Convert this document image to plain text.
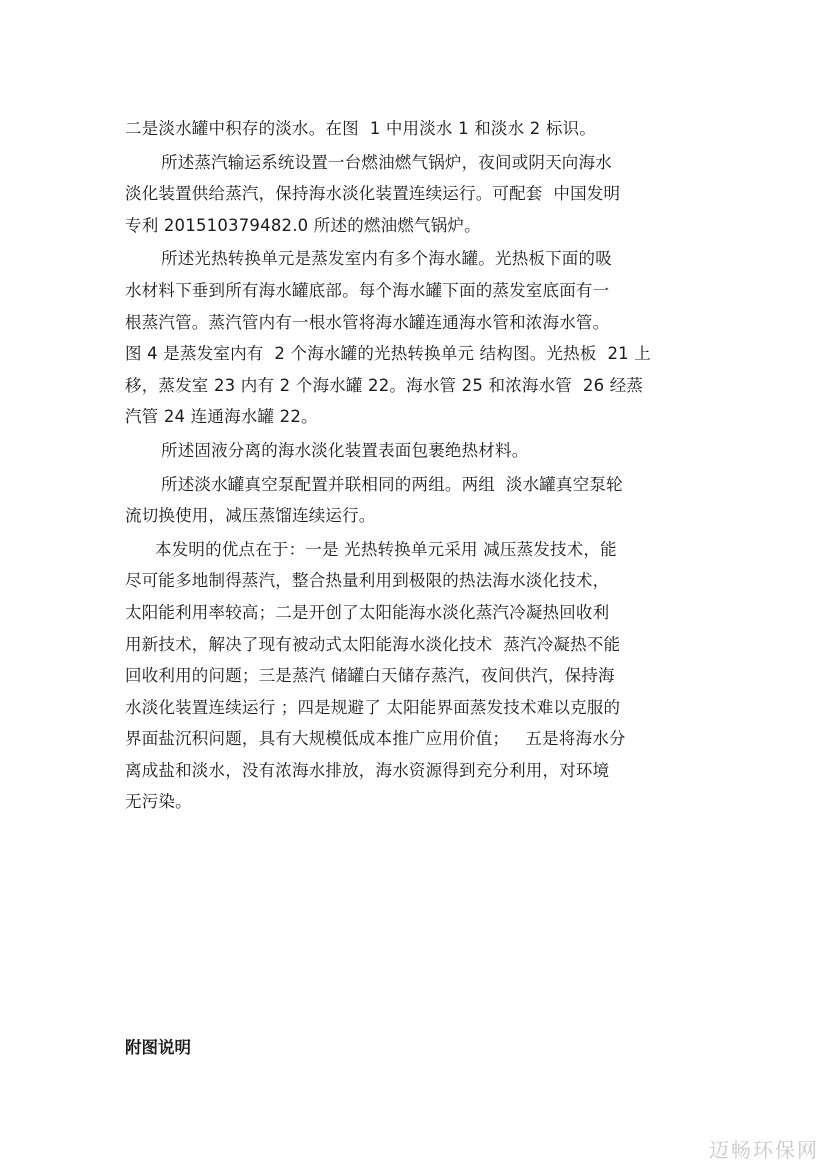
二是淡水罐中积存的淡水。在图  1 中用淡水 1 和淡水 2 标识。
所述蒸汽输运系统设置一台燃油燃气锅炉，夜间或阴天向海水
淡化装置供给蒸汽，保持海水淡化装置连续运行。可配套  中国发明
专利 201510379482.0 所述的燃油燃气锅炉。
所述光热转换单元是蒸发室内有多个海水罐。光热板下面的吸
水材料下垂到所有海水罐底部。每个海水罐下面的蒸发室底面有一
根蒸汽管。蒸汽管内有一根水管将海水罐连通海水管和浓海水管。
图 4 是蒸发室内有  2 个海水罐的光热转换单元 结构图。光热板  21 上
移，蒸发室 23 内有 2 个海水罐 22。海水管 25 和浓海水管  26 经蒸
汽管 24 连通海水罐 22。
所述固液分离的海水淡化装置表面包裹绝热材料。
所述淡水罐真空泵配置并联相同的两组。两组  淡水罐真空泵轮
流切换使用，减压蒸馏连续运行。
本发明的优点在于：一是 光热转换单元采用 减压蒸发技术，能
尽可能多地制得蒸汽，整合热量利用到极限的热法海水淡化技术，
太阳能利用率较高；二是开创了太阳能海水淡化蒸汽冷凝热回收利
用新技术，解决了现有被动式太阳能海水淡化技术  蒸汽冷凝热不能
回收利用的问题；三是蒸汽 储罐白天储存蒸汽，夜间供汽，保持海
水淡化装置连续运行 ；四是规避了 太阳能界面蒸发技术难以克服的
界面盐沉积问题，具有大规模低成本推广应用价值；   五是将海水分
离成盐和淡水，没有浓海水排放，海水资源得到充分利用，对环境
无污染。
附图说明
迈畅环保网
